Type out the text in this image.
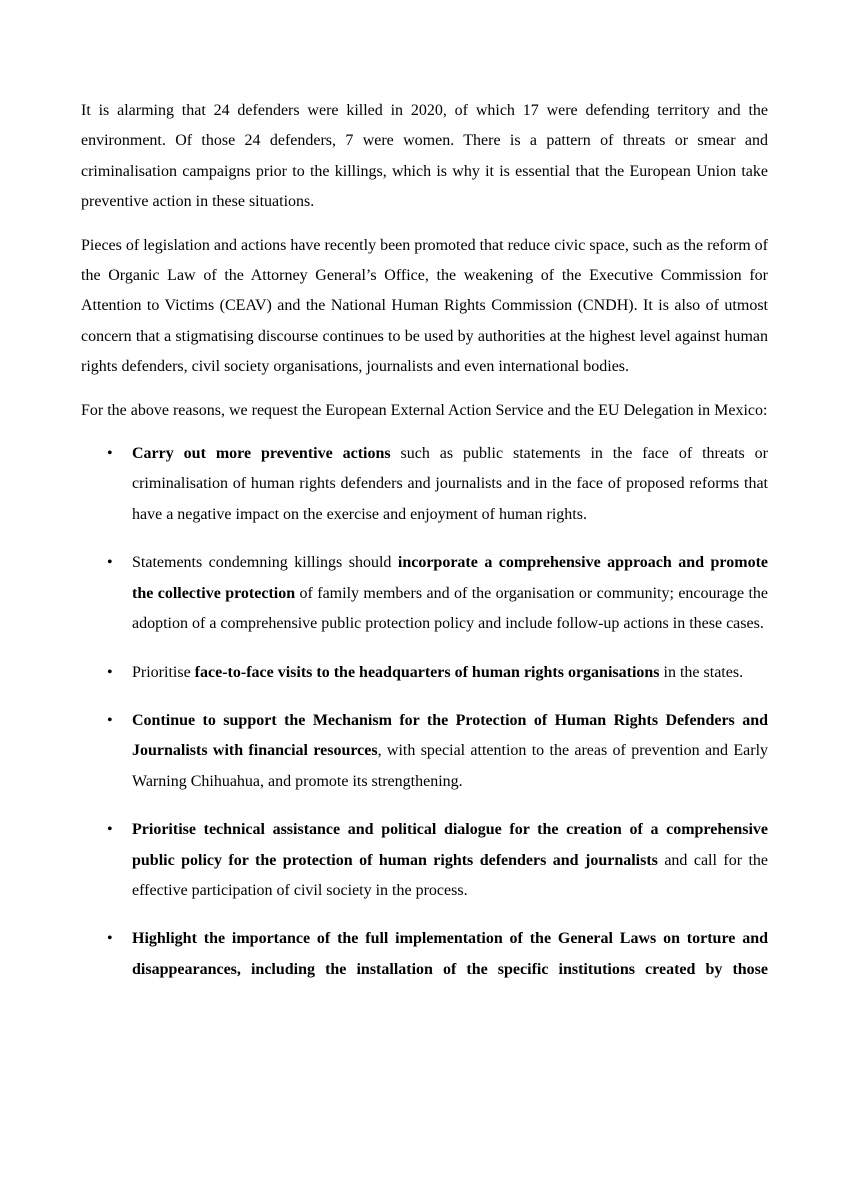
It is alarming that 24 defenders were killed in 2020, of which 17 were defending territory and the environment. Of those 24 defenders, 7 were women. There is a pattern of threats or smear and criminalisation campaigns prior to the killings, which is why it is essential that the European Union take preventive action in these situations.

Pieces of legislation and actions have recently been promoted that reduce civic space, such as the reform of the Organic Law of the Attorney General’s Office, the weakening of the Executive Commission for Attention to Victims (CEAV) and the National Human Rights Commission (CNDH). It is also of utmost concern that a stigmatising discourse continues to be used by authorities at the highest level against human rights defenders, civil society organisations, journalists and even international bodies.

For the above reasons, we request the European External Action Service and the EU Delegation in Mexico:

• Carry out more preventive actions such as public statements in the face of threats or criminalisation of human rights defenders and journalists and in the face of proposed reforms that have a negative impact on the exercise and enjoyment of human rights.
• Statements condemning killings should incorporate a comprehensive approach and promote the collective protection of family members and of the organisation or community; encourage the adoption of a comprehensive public protection policy and include follow-up actions in these cases.
• Prioritise face-to-face visits to the headquarters of human rights organisations in the states.
• Continue to support the Mechanism for the Protection of Human Rights Defenders and Journalists with financial resources, with special attention to the areas of prevention and Early Warning Chihuahua, and promote its strengthening.
• Prioritise technical assistance and political dialogue for the creation of a comprehensive public policy for the protection of human rights defenders and journalists and call for the effective participation of civil society in the process.
• Highlight the importance of the full implementation of the General Laws on torture and disappearances, including the installation of the specific institutions created by those
